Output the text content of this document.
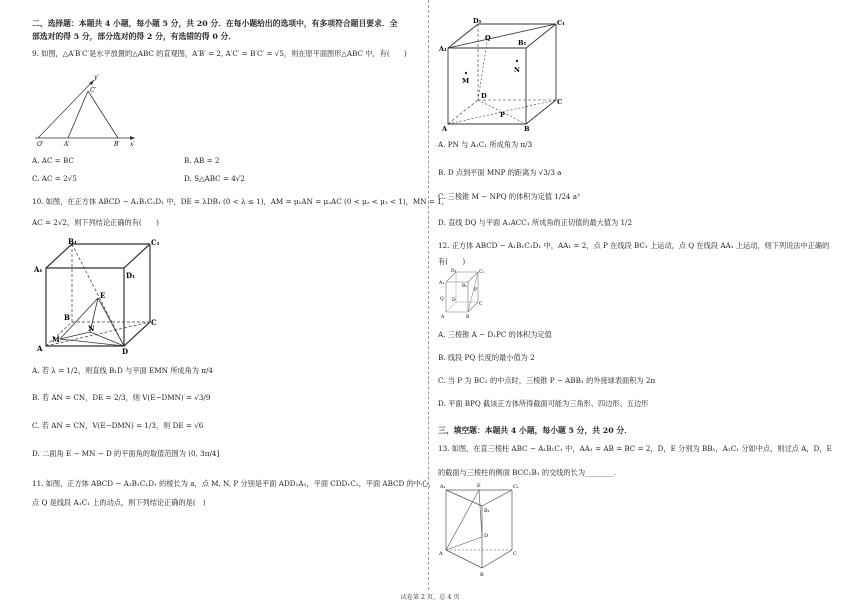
二、选择题：本题共 4 小题，每小题 5 分，共 20 分．在每小题给出的选项中，有多项符合题目要求．全
部选对的得 5 分，部分选对的得 2 分，有选错的得 0 分．
9. 如图，△A′B′C′是水平放置的△ABC 的直观图，A′B′ = 2, A′C′ = B′C′ = √5，则在原平面图形△ABC 中，有(　　)
y′
C′
O′	A′	B′ x′
A. AC = BC	B. AB = 2
C. AC = 2√5	D. S△ABC = 4√2
10. 如图，在正方体 ABCD − A₁B₁C₁D₁ 中，DE = λDB₁ (0 < λ ≤ 1)，AM = μ₁AN = μ₂AC (0 < μ₂ < μ₁ < 1)，MN = 1，
AC = 2√2，则下列结论正确的有(　　)
B₁	C₁
A₁
D₁
B
C
A	D
E
M
N
A. 若 λ = 1/2，则直线 B₁D 与平面 EMN 所成角为 π/4
B. 若 AN = CN，DE = 2/3，则 V(E−DMN) = √3/9
C. 若 AN = CN，V(E−DMN) = 1/3，则 DE = √6
D. 二面角 E − MN − D 的平面角的取值范围为 (0, 3π/4]
11. 如图，正方体 ABCD − A₁B₁C₁D₁ 的棱长为 a，点 M, N, P 分别是平面 ADD₁A₁，平面 CDD₁C₁，平面 ABCD 的中心，
点 Q 是线段 A₁C₁ 上的动点，则下列结论正确的是(　)
D₁	C₁
A₁
B₁
Q
M
N
D
C
A	B
P
A. PN 与 A₁C₁ 所成角为 π/3
B. D 点到平面 MNP 的距离为 √3/3 a
C. 三棱锥 M − NPQ 的体积为定值 1/24 a³
D. 直线 DQ 与平面 A₁ACC₁ 所成角的正切值的最大值为 1/2
12. 正方体 ABCD − A₁B₁C₁D₁ 中，AA₁ = 2，点 P 在线段 BC₁ 上运动，点 Q 在线段 AA₁ 上运动，则下列说法中正确的
有(　　)
D₁	C₁
A₁
B₁
P
Q D
C
A	B
A. 三棱锥 A − D₁PC 的体积为定值
B. 线段 PQ 长度的最小值为 2
C. 当 P 为 BC₁ 的中点时，三棱锥 P − ABB₁ 的外接球表面积为 2π
D. 平面 BPQ 截该正方体所得截面可能为三角形、四边形、五边形
三、填空题：本题共 4 小题，每小题 5 分，共 20 分．
13. 如图，在直三棱柱 ABC − A₁B₁C₁ 中，AA₁ = AB = BC = 2，D，E 分别为 BB₁，A₁C₁ 分如中点，则过点 A，D，E
的截面与三棱柱的侧面 BCC₁B₁ 的交线的长为________.
A₁	E	C₁
B₁
D
A	C
B
试卷第 2 页，总 4 页
